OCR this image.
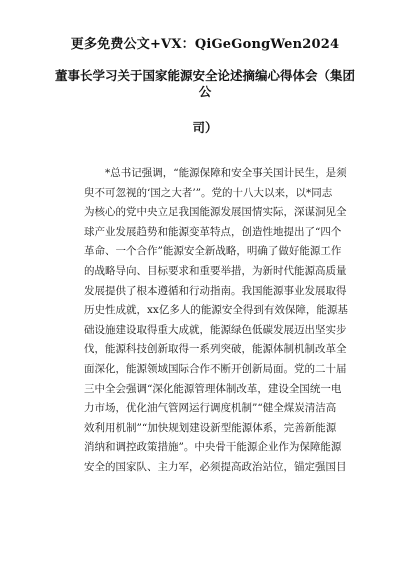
更多免费公文+VX：QiGeGongWen2024
董事长学习关于国家能源安全论述摘编心得体会（集团公
司）
　　*总书记强调，“能源保障和安全事关国计民生，是须
臾不可忽视的‘国之大者’”。党的十八大以来，以*同志
为核心的党中央立足我国能源发展国情实际，深谋洞见全
球产业发展趋势和能源变革特点，创造性地提出了“四个
革命、一个合作”能源安全新战略，明确了做好能源工作
的战略导向、目标要求和重要举措，为新时代能源高质量
发展提供了根本遵循和行动指南。我国能源事业发展取得
历史性成就，xx亿多人的能源安全得到有效保障，能源基
础设施建设取得重大成就，能源绿色低碳发展迈出坚实步
伐，能源科技创新取得一系列突破，能源体制机制改革全
面深化，能源领域国际合作不断开创新局面。党的二十届
三中全会强调“深化能源管理体制改革，建设全国统一电
力市场，优化油气管网运行调度机制”“健全煤炭清洁高
效利用机制”“加快规划建设新型能源体系，完善新能源
消纳和调控政策措施”。中央骨干能源企业作为保障能源
安全的国家队、主力军，必须提高政治站位，锚定强国目
